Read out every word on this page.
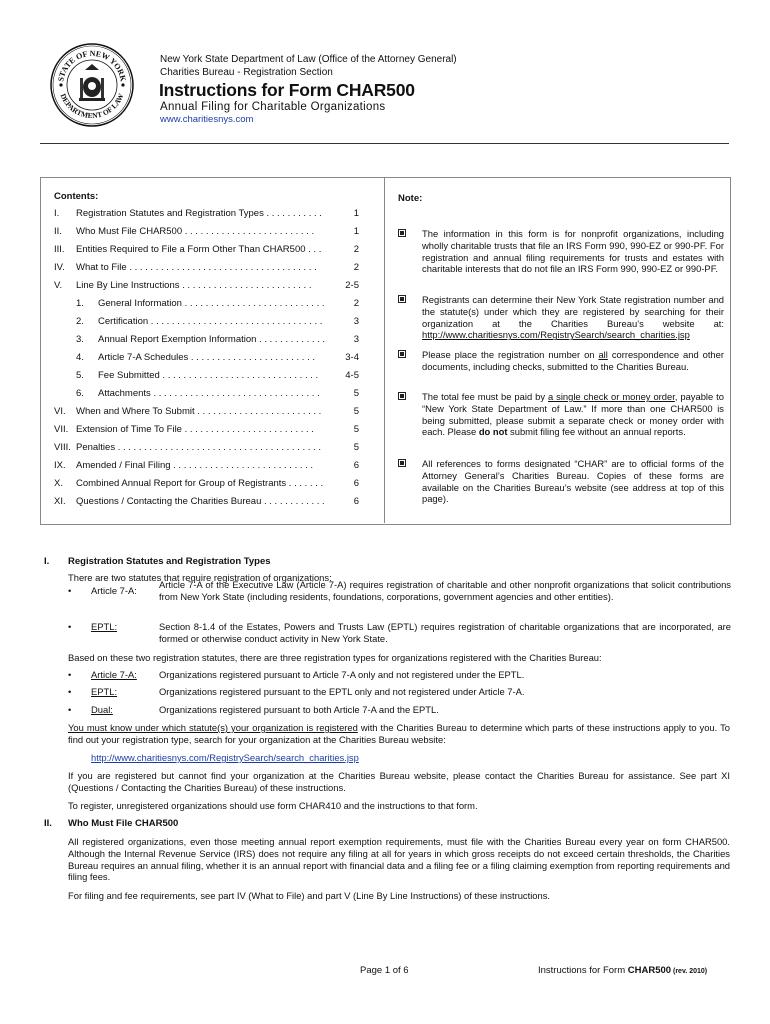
STATE OF NEW YORK
DEPARTMENT OF LAW
New York State Department of Law (Office of the Attorney General)
Charities Bureau - Registration Section
Instructions for Form CHAR500
Annual Filing for Charitable Organizations
www.charitiesnys.com
Contents:	Note:
I. Registration Statutes and Registration Types . . . . . . . . . . .	1
II. Who Must File CHAR500 . . . . . . . . . . . . . . . . . . . . . . . . .	1
III. Entities Required to File a Form Other Than CHAR500 . . .	2
IV. What to File . . . . . . . . . . . . . . . . . . . . . . . . . . . . . . . . . . . .	2
V. Line By Line Instructions . . . . . . . . . . . . . . . . . . . . . . . . .	2-5
1. General Information . . . . . . . . . . . . . . . . . . . . . . . . . . .	2
2. Certification . . . . . . . . . . . . . . . . . . . . . . . . . . . . . . . . .	3
3. Annual Report Exemption Information . . . . . . . . . . . . .	3
4. Article 7-A Schedules . . . . . . . . . . . . . . . . . . . . . . . .	3-4
5. Fee Submitted . . . . . . . . . . . . . . . . . . . . . . . . . . . . . .	4-5
6. Attachments . . . . . . . . . . . . . . . . . . . . . . . . . . . . . . . .	5
VI. When and Where To Submit . . . . . . . . . . . . . . . . . . . . . . . .	5
VII. Extension of Time To File . . . . . . . . . . . . . . . . . . . . . . . . .	5
VIII. Penalties . . . . . . . . . . . . . . . . . . . . . . . . . . . . . . . . . . . . . . .	5
IX. Amended / Final Filing . . . . . . . . . . . . . . . . . . . . . . . . . . .	6
X. Combined Annual Report for Group of Registrants . . . . . . .	6
XI. Questions / Contacting the Charities Bureau . . . . . . . . . . . .	6
The information in this form is for nonprofit organizations, including wholly charitable trusts that file an IRS Form 990, 990-EZ or 990-PF. For registration and annual filing requirements for trusts and estates with charitable interests that do not file an IRS Form 990, 990-EZ or 990-PF.
Registrants can determine their New York State registration number and the statute(s) under which they are registered by searching for their organization at the Charities Bureau’s website at: http://www.charitiesnys.com/RegistrySearch/search_charities.jsp
Please place the registration number on all correspondence and other documents, including checks, submitted to the Charities Bureau.
The total fee must be paid by a single check or money order, payable to “New York State Department of Law.” If more than one CHAR500 is being submitted, please submit a separate check or money order with each. Please do not submit filing fee without an annual reports.
All references to forms designated “CHAR” are to official forms of the Attorney General’s Charities Bureau. Copies of these forms are available on the Charities Bureau’s website (see address at top of this page).
I. Registration Statutes and Registration Types
There are two statutes that require registration of organizations:
• Article 7-A:
Article 7-A of the Executive Law (Article 7-A) requires registration of charitable and other nonprofit organizations that solicit contributions from New York State (including residents, foundations, corporations, government agencies and other entities).
• EPTL:	Section 8-1.4 of the Estates, Powers and Trusts Law (EPTL) requires registration of charitable organizations that are incorporated, are formed or otherwise conduct activity in New York State.
Based on these two registration statutes, there are three registration types for organizations registered with the Charities Bureau:
• Article 7-A: Organizations registered pursuant to Article 7-A only and not registered under the EPTL.
• EPTL:	Organizations registered pursuant to the EPTL only and not registered under Article 7-A.
• Dual:	Organizations registered pursuant to both Article 7-A and the EPTL.
You must know under which statute(s) your organization is registered with the Charities Bureau to determine which parts of these instructions apply to you. To find out your registration type, search for your organization at the Charities Bureau website:
http://www.charitiesnys.com/RegistrySearch/search_charities.jsp
If you are registered but cannot find your organization at the Charities Bureau website, please contact the Charities Bureau for assistance. See part XI (Questions / Contacting the Charities Bureau) of these instructions.
To register, unregistered organizations should use form CHAR410 and the instructions to that form.
II. Who Must File CHAR500
All registered organizations, even those meeting annual report exemption requirements, must file with the Charities Bureau every year on form CHAR500. Although the Internal Revenue Service (IRS) does not require any filing at all for years in which gross receipts do not exceed certain thresholds, the Charities Bureau requires an annual filing, whether it is an annual report with financial data and a filing fee or a filing claiming exemption from reporting requirements and filing fees.
For filing and fee requirements, see part IV (What to File) and part V (Line By Line Instructions) of these instructions.
Page 1 of 6	Instructions for Form CHAR500 (rev. 2010)
